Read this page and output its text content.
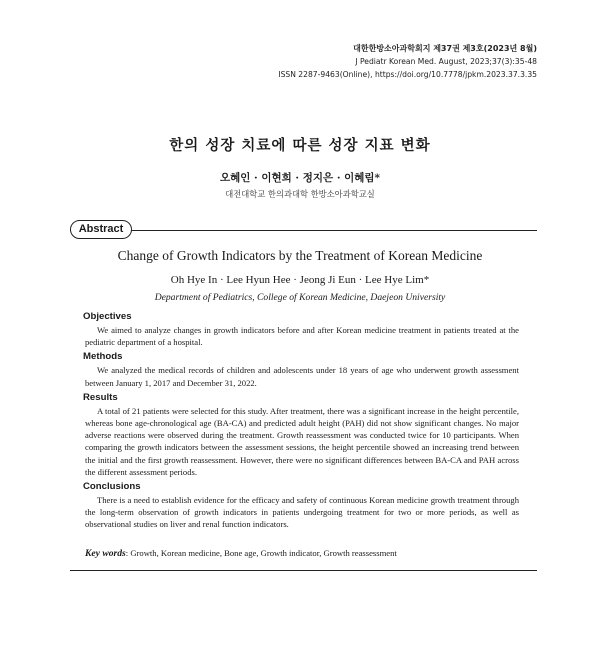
대한한방소아과학회지 제37권 제3호(2023년 8월)
J Pediatr Korean Med. August, 2023;37(3):35-48
ISSN 2287-9463(Online), https://doi.org/10.7778/jpkm.2023.37.3.35
한의 성장 치료에 따른 성장 지표 변화
오혜인 · 이현희 · 정지은 · 이혜림*
대전대학교 한의과대학 한방소아과학교실
Abstract
Change of Growth Indicators by the Treatment of Korean Medicine
Oh Hye In · Lee Hyun Hee · Jeong Ji Eun · Lee Hye Lim*
Department of Pediatrics, College of Korean Medicine, Daejeon University
Objectives

We aimed to analyze changes in growth indicators before and after Korean medicine treatment in patients treated at the pediatric department of a hospital.

Methods

We analyzed the medical records of children and adolescents under 18 years of age who underwent growth assessment between January 1, 2017 and December 31, 2022.

Results

A total of 21 patients were selected for this study. After treatment, there was a significant increase in the height percentile, whereas bone age-chronological age (BA-CA) and predicted adult height (PAH) did not show significant changes. No major adverse reactions were observed during the treatment. Growth reassessment was conducted twice for 10 participants. When comparing the growth indicators between the assessment sessions, the height percentile showed an increasing trend between the initial and the first growth reassessment. However, there were no significant differences between BA-CA and PAH across the different assessment periods.

Conclusions

There is a need to establish evidence for the efficacy and safety of continuous Korean medicine growth treatment through the long-term observation of growth indicators in patients undergoing treatment for two or more periods, as well as observational studies on liver and renal function indicators.

Key words: Growth, Korean medicine, Bone age, Growth indicator, Growth reassessment
